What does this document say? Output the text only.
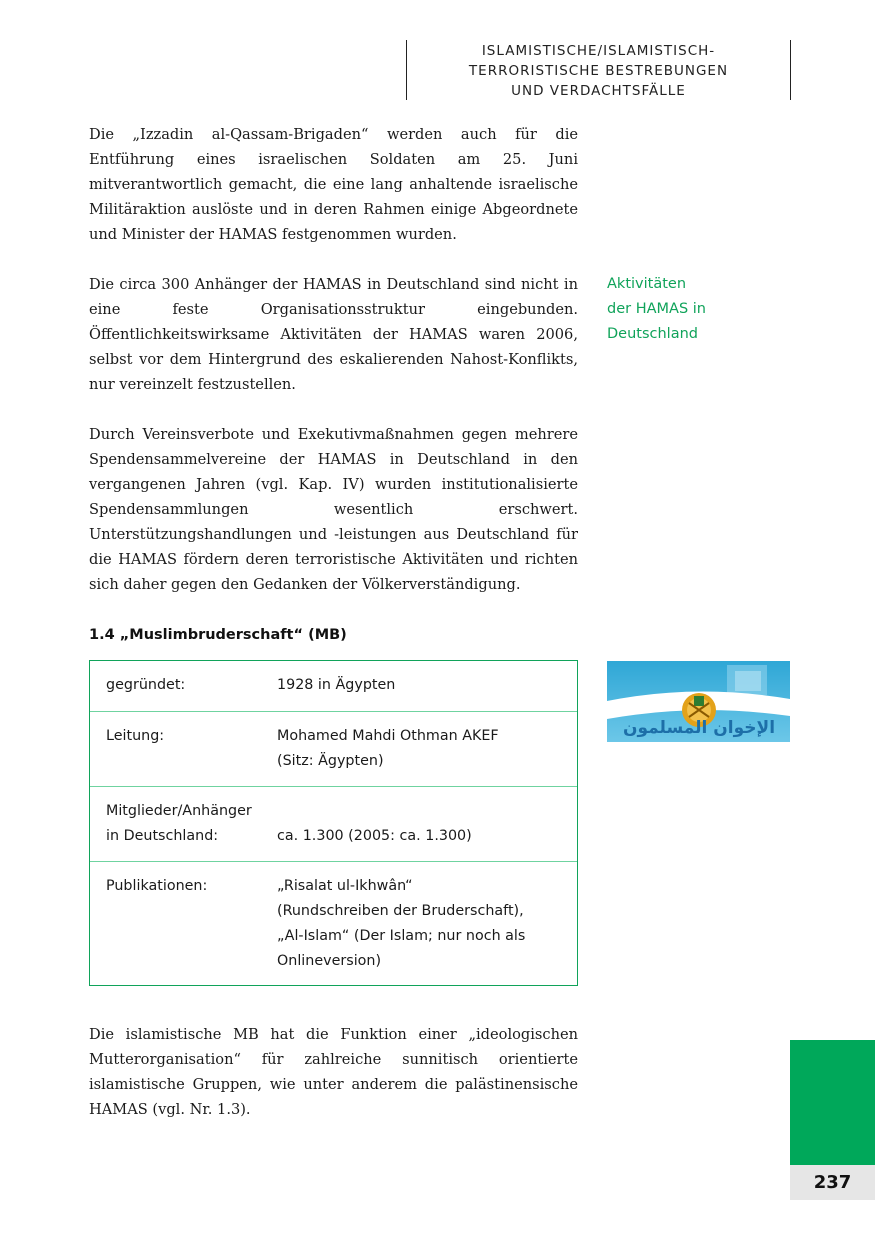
ISLAMISTISCHE/ISLAMISTISCH-
TERRORISTISCHE BESTREBUNGEN
UND VERDACHTSFÄLLE

Die „Izzadin al-Qassam-Brigaden“ werden auch für die Entführung eines israelischen Soldaten am 25. Juni mitverantwortlich gemacht, die eine lang anhaltende israelische Militäraktion auslöste und in deren Rahmen einige Abgeordnete und Minister der HAMAS festgenommen wurden.

Die circa 300 Anhänger der HAMAS in Deutschland sind nicht in eine feste Organisationsstruktur eingebunden. Öffentlichkeitswirksame Aktivitäten der HAMAS waren 2006, selbst vor dem Hintergrund des eskalierenden Nahost-Konflikts, nur vereinzelt festzustellen.

Durch Vereinsverbote und Exekutivmaßnahmen gegen mehrere Spendensammelvereine der HAMAS in Deutschland in den vergangenen Jahren (vgl. Kap. IV) wurden institutionalisierte Spendensammlungen wesentlich erschwert. Unterstützungshandlungen und -leistungen aus Deutschland für die HAMAS fördern deren terroristische Aktivitäten und richten sich daher gegen den Gedanken der Völkerverständigung.

Aktivitäten
der HAMAS in
Deutschland
1.4 „Muslimbruderschaft“ (MB)
gegründet:	1928 in Ägypten
Leitung:	Mohamed Mahdi Othman AKEF
(Sitz: Ägypten)
Mitglieder/Anhänger
in Deutschland:	ca. 1.300 (2005: ca. 1.300)
Publikationen:	„Risalat ul-Ikhwân“
(Rundschreiben der Bruderschaft),
„Al-Islam“ (Der Islam; nur noch als
Onlineversion)
الإخوان المسلمون

Die islamistische MB hat die Funktion einer „ideologischen Mutterorganisation“ für zahlreiche sunnitisch orientierte islamistische Gruppen, wie unter anderem die palästinensische HAMAS (vgl. Nr. 1.3).

237
